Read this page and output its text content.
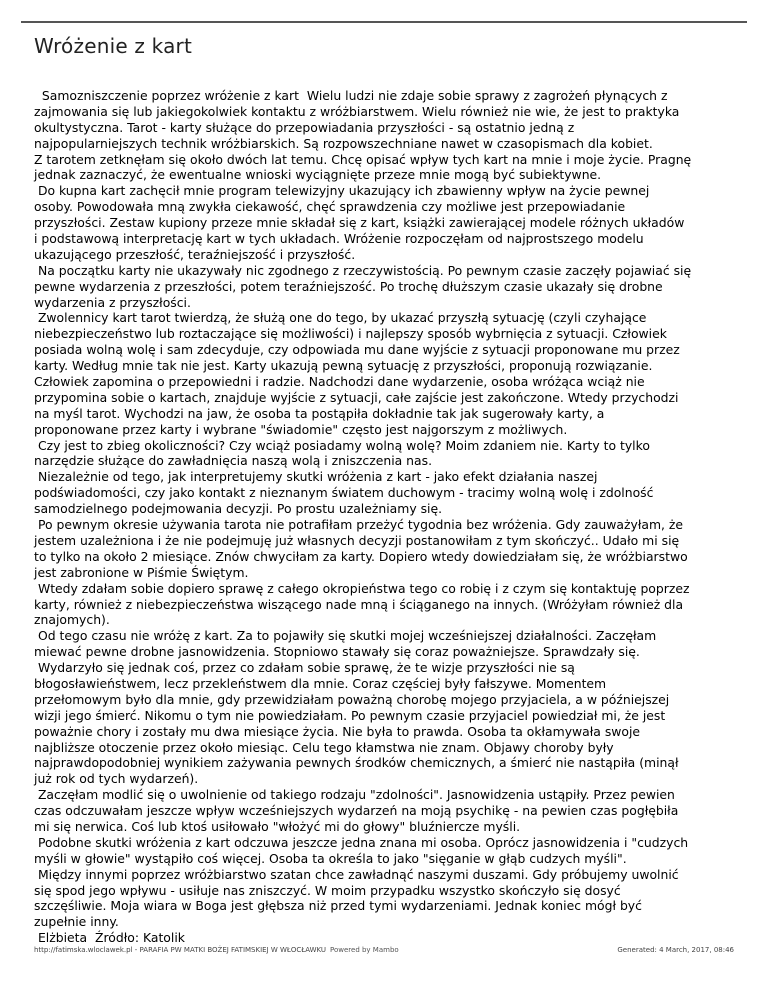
Wróżenie z kart
Samozniszczenie poprzez wróżenie z kart  Wielu ludzi nie zdaje sobie sprawy z zagrożeń płynących z
zajmowania się lub jakiegokolwiek kontaktu z wróżbiarstwem. Wielu również nie wie, że jest to praktyka
okultystyczna. Tarot - karty służące do przepowiadania przyszłości - są ostatnio jedną z
najpopularniejszych technik wróżbiarskich. Są rozpowszechniane nawet w czasopismach dla kobiet.
Z tarotem zetknęłam się około dwóch lat temu. Chcę opisać wpływ tych kart na mnie i moje życie. Pragnę
jednak zaznaczyć, że ewentualne wnioski wyciągnięte przeze mnie mogą być subiektywne.
Do kupna kart zachęcił mnie program telewizyjny ukazujący ich zbawienny wpływ na życie pewnej
osoby. Powodowała mną zwykła ciekawość, chęć sprawdzenia czy możliwe jest przepowiadanie
przyszłości. Zestaw kupiony przeze mnie składał się z kart, książki zawierającej modele różnych układów
i podstawową interpretację kart w tych układach. Wróżenie rozpoczęłam od najprostszego modelu
ukazującego przeszłość, teraźniejszość i przyszłość.
Na początku karty nie ukazywały nic zgodnego z rzeczywistością. Po pewnym czasie zaczęły pojawiać się
pewne wydarzenia z przeszłości, potem teraźniejszość. Po trochę dłuższym czasie ukazały się drobne
wydarzenia z przyszłości.
Zwolennicy kart tarot twierdzą, że służą one do tego, by ukazać przyszłą sytuację (czyli czyhające
niebezpieczeństwo lub roztaczające się możliwości) i najlepszy sposób wybrnięcia z sytuacji. Człowiek
posiada wolną wolę i sam zdecyduje, czy odpowiada mu dane wyjście z sytuacji proponowane mu przez
karty. Według mnie tak nie jest. Karty ukazują pewną sytuację z przyszłości, proponują rozwiązanie.
Człowiek zapomina o przepowiedni i radzie. Nadchodzi dane wydarzenie, osoba wróżąca wciąż nie
przypomina sobie o kartach, znajduje wyjście z sytuacji, całe zajście jest zakończone. Wtedy przychodzi
na myśl tarot. Wychodzi na jaw, że osoba ta postąpiła dokładnie tak jak sugerowały karty, a
proponowane przez karty i wybrane "świadomie" często jest najgorszym z możliwych.
Czy jest to zbieg okoliczności? Czy wciąż posiadamy wolną wolę? Moim zdaniem nie. Karty to tylko
narzędzie służące do zawładnięcia naszą wolą i zniszczenia nas.
Niezależnie od tego, jak interpretujemy skutki wróżenia z kart - jako efekt działania naszej
podświadomości, czy jako kontakt z nieznanym światem duchowym - tracimy wolną wolę i zdolność
samodzielnego podejmowania decyzji. Po prostu uzależniamy się.
Po pewnym okresie używania tarota nie potrafiłam przeżyć tygodnia bez wróżenia. Gdy zauważyłam, że
jestem uzależniona i że nie podejmuję już własnych decyzji postanowiłam z tym skończyć.. Udało mi się
to tylko na około 2 miesiące. Znów chwyciłam za karty. Dopiero wtedy dowiedziałam się, że wróżbiarstwo
jest zabronione w Piśmie Świętym.
Wtedy zdałam sobie dopiero sprawę z całego okropieństwa tego co robię i z czym się kontaktuję poprzez
karty, również z niebezpieczeństwa wiszącego nade mną i ściąganego na innych. (Wróżyłam również dla
znajomych).
Od tego czasu nie wróżę z kart. Za to pojawiły się skutki mojej wcześniejszej działalności. Zaczęłam
miewać pewne drobne jasnowidzenia. Stopniowo stawały się coraz poważniejsze. Sprawdzały się.
Wydarzyło się jednak coś, przez co zdałam sobie sprawę, że te wizje przyszłości nie są
błogosławieństwem, lecz przekleństwem dla mnie. Coraz częściej były fałszywe. Momentem
przełomowym było dla mnie, gdy przewidziałam poważną chorobę mojego przyjaciela, a w późniejszej
wizji jego śmierć. Nikomu o tym nie powiedziałam. Po pewnym czasie przyjaciel powiedział mi, że jest
poważnie chory i zostały mu dwa miesiące życia. Nie była to prawda. Osoba ta okłamywała swoje
najbliższe otoczenie przez około miesiąc. Celu tego kłamstwa nie znam. Objawy choroby były
najprawdopodobniej wynikiem zażywania pewnych środków chemicznych, a śmierć nie nastąpiła (minął
już rok od tych wydarzeń).
Zaczęłam modlić się o uwolnienie od takiego rodzaju "zdolności". Jasnowidzenia ustąpiły. Przez pewien
czas odczuwałam jeszcze wpływ wcześniejszych wydarzeń na moją psychikę - na pewien czas pogłębiła
mi się nerwica. Coś lub ktoś usiłowało "włożyć mi do głowy" bluźniercze myśli.
Podobne skutki wróżenia z kart odczuwa jeszcze jedna znana mi osoba. Oprócz jasnowidzenia i "cudzych
myśli w głowie" wystąpiło coś więcej. Osoba ta określa to jako "sięganie w głąb cudzych myśli".
Między innymi poprzez wróżbiarstwo szatan chce zawładnąć naszymi duszami. Gdy próbujemy uwolnić
się spod jego wpływu - usiłuje nas zniszczyć. W moim przypadku wszystko skończyło się dosyć
szczęśliwie. Moja wiara w Boga jest głębsza niż przed tymi wydarzeniami. Jednak koniec mógł być
zupełnie inny.
Elżbieta  Źródło: Katolik
http://fatimska.wloclawek.pl - PARAFIA PW MATKI BOŻEJ FATIMSKIEJ W WŁOCŁAWKU Powered by Mambo	Generated: 4 March, 2017, 08:46
